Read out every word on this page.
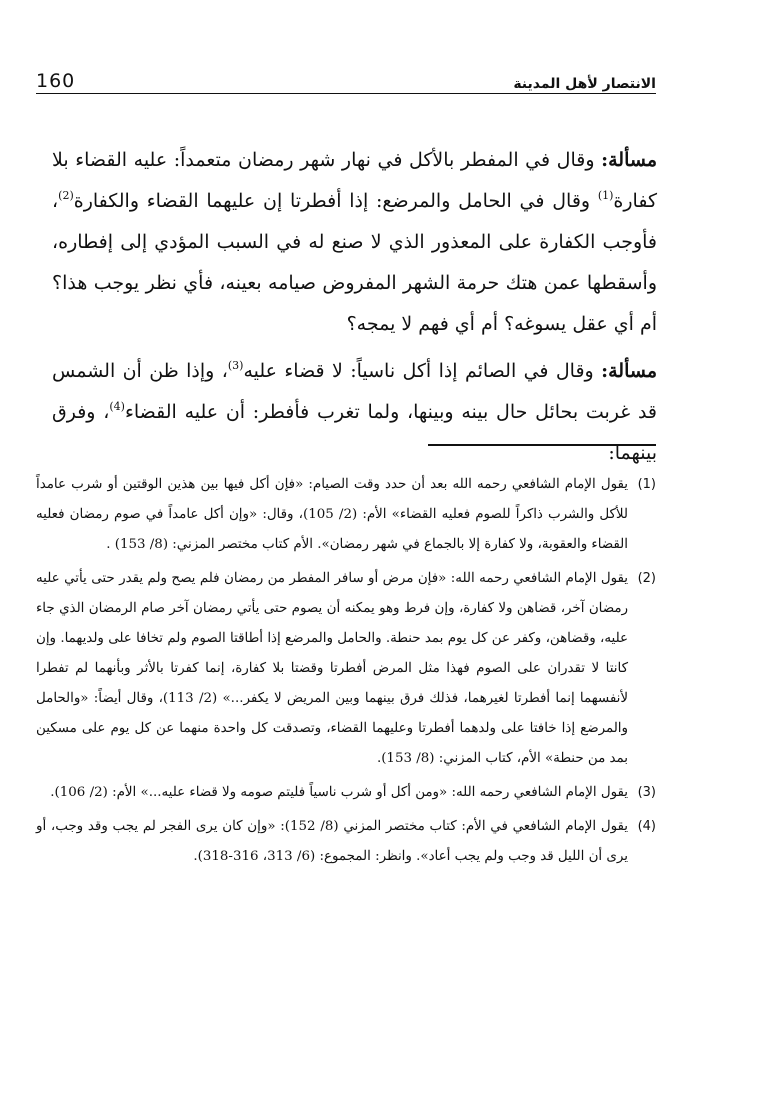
160	الانتصار لأهل المدينة

مسألة: وقال في المفطر بالأكل في نهار شهر رمضان متعمداً: عليه القضاء بلا كفارة$^{(1)}$ وقال في الحامل والمرضع: إذا أفطرتا إن عليهما القضاء والكفارة$^{(2)}$، فأوجب الكفارة على المعذور الذي لا صنع له في السبب المؤدي إلى إفطاره، وأسقطها عمن هتك حرمة الشهر المفروض صيامه بعينه، فأي نظر يوجب هذا؟ أم أي عقل يسوغه؟ أم أي فهم لا يمجه؟

مسألة: وقال في الصائم إذا أكل ناسياً: لا قضاء عليه$^{(3)}$، وإذا ظن أن الشمس قد غربت بحائل حال بينه وبينها، ولما تغرب فأفطر: أن عليه القضاء$^{(4)}$، وفرق بينهما:

(1)
يقول الإمام الشافعي رحمه الله بعد أن حدد وقت الصيام: «فإن أكل فيها بين هذين الوقتين أو شرب عامداً للأكل والشرب ذاكراً للصوم فعليه القضاء» الأم: (2/ 105)، وقال: «وإن أكل عامداً في صوم رمضان فعليه القضاء والعقوبة، ولا كفارة إلا بالجماع في شهر رمضان». الأم كتاب مختصر المزني: (8/ 153) .

(2)
يقول الإمام الشافعي رحمه الله: «فإن مرض أو سافر المفطر من رمضان فلم يصح ولم يقدر حتى يأتي عليه رمضان آخر، قضاهن ولا كفارة، وإن فرط وهو يمكنه أن يصوم حتى يأتي رمضان آخر صام الرمضان الذي جاء عليه، وقضاهن، وكفر عن كل يوم بمد حنطة. والحامل والمرضع إذا أطاقتا الصوم ولم تخافا على ولديهما. وإن كانتا لا تقدران على الصوم فهذا مثل المرض أفطرتا وقضتا بلا كفارة، إنما كفرتا بالأثر وبأنهما لم تفطرا لأنفسهما إنما أفطرتا لغيرهما، فذلك فرق بينهما وبين المريض لا يكفر...» (2/ 113)، وقال أيضاً: «والحامل والمرضع إذا خافتا على ولدهما أفطرتا وعليهما القضاء، وتصدقت كل واحدة منهما عن كل يوم على مسكين بمد من حنطة» الأم، كتاب المزني: (8/ 153).

(3)
يقول الإمام الشافعي رحمه الله: «ومن أكل أو شرب ناسياً فليتم صومه ولا قضاء عليه...» الأم: (2/ 106).

(4)
يقول الإمام الشافعي في الأم: كتاب مختصر المزني (8/ 152): «وإن كان يرى الفجر لم يجب وقد وجب، أو يرى أن الليل قد وجب ولم يجب أعاد». وانظر: المجموع: (6/ 313، 316-318).
